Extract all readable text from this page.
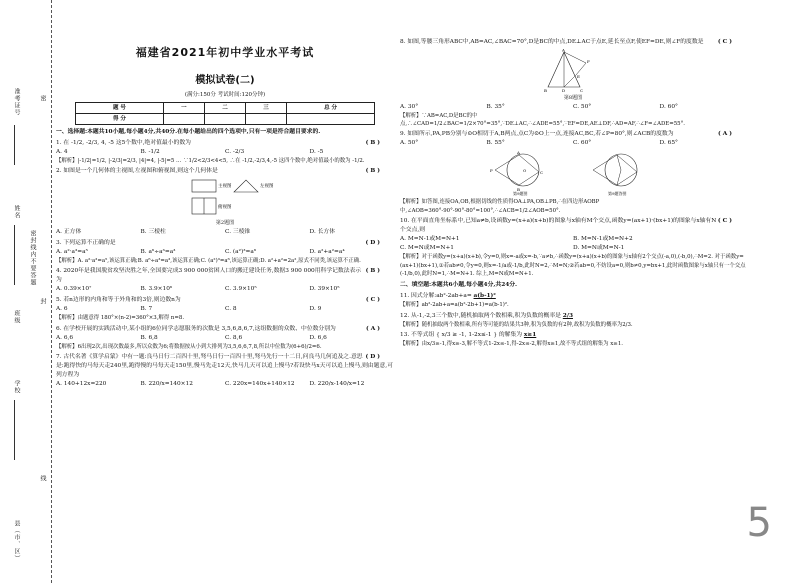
准考证号
姓名
学校
班级
县（市、区）
密封线内不要答题
密
封
线
福建省2021年初中学业水平考试
模拟试卷(二)
(满分:150分 考试时间:120分钟)
题 号	一	二	三	总 分
得 分				
一、选择题:本题共10小题,每小题4分,共40分.在每小题给出的四个选项中,只有一项是符合题目要求的.
( B )
1. 在 -1/2, -2/3, 4, -5 这5个数中,绝对值最小的数为
A. 4	B. -1/2	C. -2/3	D. -5
【解析】|-1/2|=1/2, |-2/3|=2/3, |4|=4, |-5|=5 … ∵1/2<2/3<4<5, ∴在 -1/2,-2/3,4,-5 这四个数中,绝对值最小的数为 -1/2.
( B )
2. 如图是一个几何体的主视图,左视图和俯视图,则这个几何体是
主视图	左视图
俯视图
第2题图
A. 正方体	B. 三棱柱	C. 三棱锥	D. 长方体
( D )
3. 下列运算不正确的是
A. a²·a³=a⁵	B. a⁶÷a³=a³	C. (a²)³=a⁶	D. a²+a²=a⁴
【解析】A. a²·a³=a⁵,该运算正确;B. a⁶÷a³=a³,该运算正确;C. (a²)³=a⁶,该运算正确;D. a²+a²=2a²,原式不同类,该运算不正确.
( B )
4. 2020年是我国脱贫攻坚决胜之年,全国要完成3 900 000贫困人口的搬迁建设任务,数据3 900 000用科学记数法表示为
A. 0.39×10⁷	B. 3.9×10⁶	C. 3.9×10⁵	D. 39×10⁵
( C )
5. 若n边形的内角和等于外角和的3倍,则边数n为
A. 6	B. 7	C. 8	D. 9
【解析】由题意得 180°×(n-2)=360°×3,解得 n=8.
( A )
6. 在学校开展的实践活动中,某小组的6位同学志愿服务的次数是 3,5,6,8,6,7,这组数据的众数、中位数分别为
A. 6,6	B. 6,8	C. 8,6	D. 6,6
【解析】6出现2次,出现次数最多,所以众数为6;将数据按从小到大排列为3,5,6,6,7,8,所以中位数为(6+6)/2=6.
( D )
7. 古代名著《算学启蒙》中有一题:良马日行二百四十里,驽马日行一百四十里,驽马先行一十二日,问良马几何追及之.意思是:跑得快的马每天走240里,跑得慢的马每天走150里,慢马先走12天,快马几天可以追上慢马?若设快马x天可以追上慢马,则由题意,可列方程为
A. 140+12x=220	B. 220/x=140×12	C. 220x=140x+140×12	D. 220/x-140/x=12
( C )
8. 如图,等腰三角形ABC中,AB=AC,∠BAC=70°,D是BC的中点,DE⊥AC于点E,延长至点F,使EF=DE,则∠F的度数是
A
B	C
D
E
F
第8题图
A. 30°	B. 35°	C. 50°	D. 60°
【解析】∵AB=AC,D是BC的中点,∴∠CAD=1/2∠BAC=1/2×70°=35°,∵DE⊥AC,∴∠ADE=55°,∵EF=DE,AE⊥DF,∴AD=AF,∴∠F=∠ADE=55°.
( A )
9. 如图所示,PA,PB分别与⊙O相切于A,B两点,点C为⊙O上一点,连接AC,BC,若∠P=80°,则∠ACB的度数为
A. 50°	B. 55°	C. 60°	D. 65°
P
A
B
O	C
第9题图	第9题答图
【解析】如答图,连接OA,OB,根据切线的性质得OA⊥PA,OB⊥PB,∴在四边形AOBP中,∠AOB=360°-90°-90°-80°=100°,∴∠ACB=1/2∠AOB=50°.
( C )
10. 在平面直角坐标系中,已知a≠b,设函数y=(x+a)(x+b)的图象与x轴有M个交点,函数y=(ax+1)·(bx+1)的图象与x轴有N个交点,则
A. M=N-1或M=N+1	B. M=N-1或M=N+2
C. M=N或M=N+1	D. M=N或M=N-1
【解析】对于函数y=(x+a)(x+b),令y=0,则x=-a或x=-b,∵a≠b,∴函数y=(x+a)(x+b)的图象与x轴有2个交点(-a,0),(-b,0),∴M=2. 对于函数y=(ax+1)(bx+1),①若ab≠0,令y=0,则x=-1/a或-1/b,此时N=2,∴M=N;②若ab=0,不妨设a=0,则b≠0,y=bx+1,此时函数图象与x轴只有一个交点(-1/b,0),此时N=1,∴M=N+1. 综上,M=N或M=N+1.
二、填空题:本题共6小题,每小题4分,共24分.
11. 因式分解:ab²-2ab+a= a(b-1)²
【解析】ab²-2ab+a=a(b²-2b+1)=a(b-1)².
12. 从-1,-2,3三个数中,随机抽取两个数相乘,积为负数的概率是 2/3
【解析】随机抽取两个数相乘,所有等可能的结果共3种,积为负数的有2种,故积为负数的概率为2/3.
13. 不等式组 { x/3 ≥ -1, 1-2x≤-1 } 的解集为 x≥1
【解析】由x/3≥-1,得x≥-3,解不等式1-2x≤-1,得-2x≤-2,解得x≥1,故不等式组的解集为 x≥1.
5
